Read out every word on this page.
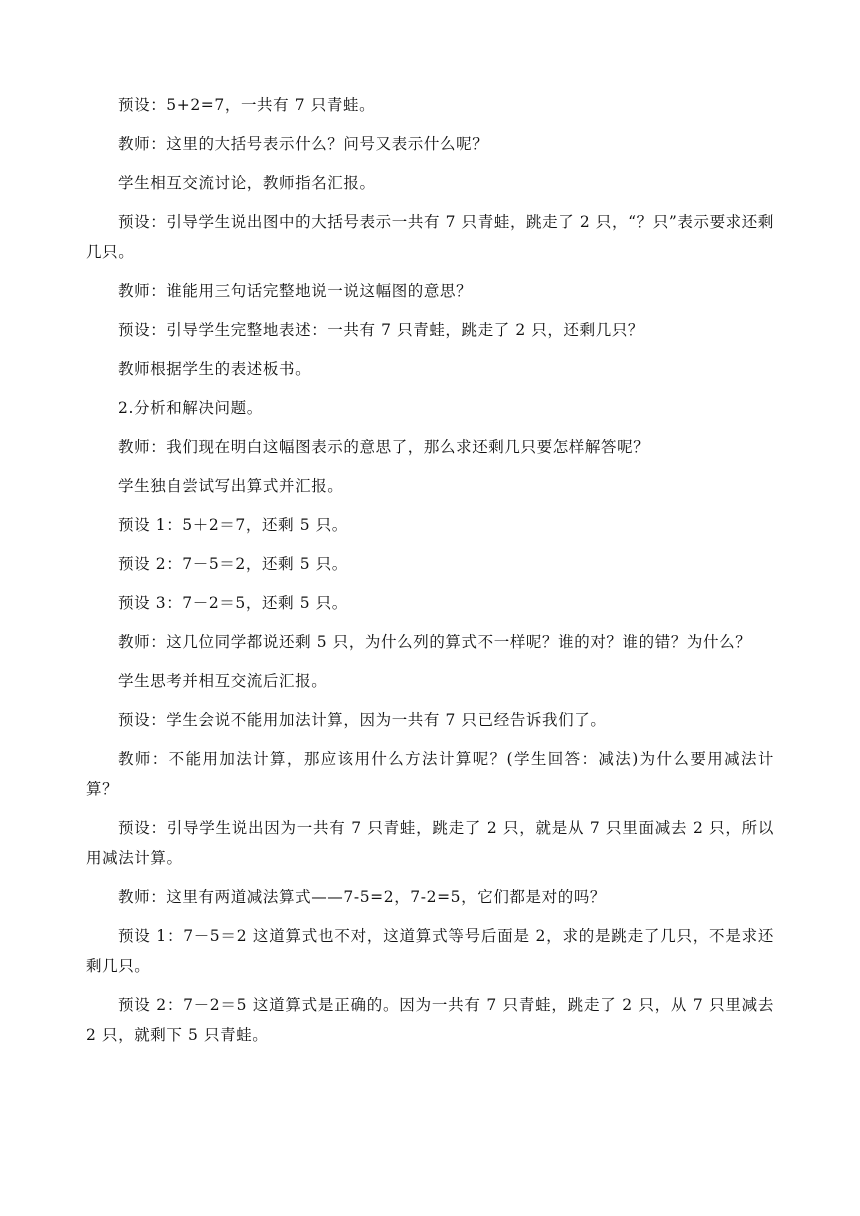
预设：5+2=7，一共有 7 只青蛙。

教师：这里的大括号表示什么？问号又表示什么呢？

学生相互交流讨论，教师指名汇报。

预设：引导学生说出图中的大括号表示一共有 7 只青蛙，跳走了 2 只，“？只”表示要求还剩几只。

教师：谁能用三句话完整地说一说这幅图的意思？

预设：引导学生完整地表述：一共有 7 只青蛙，跳走了 2 只，还剩几只？

教师根据学生的表述板书。

2.分析和解决问题。

教师：我们现在明白这幅图表示的意思了，那么求还剩几只要怎样解答呢？

学生独自尝试写出算式并汇报。

预设 1：5＋2＝7，还剩 5 只。

预设 2：7－5＝2，还剩 5 只。

预设 3：7－2＝5，还剩 5 只。

教师：这几位同学都说还剩 5 只，为什么列的算式不一样呢？谁的对？谁的错？为什么？

学生思考并相互交流后汇报。

预设：学生会说不能用加法计算，因为一共有 7 只已经告诉我们了。

教师：不能用加法计算，那应该用什么方法计算呢？(学生回答：减法)为什么要用减法计算？

预设：引导学生说出因为一共有 7 只青蛙，跳走了 2 只，就是从 7 只里面减去 2 只，所以用减法计算。

教师：这里有两道减法算式——7-5=2，7-2=5，它们都是对的吗？

预设 1：7－5＝2 这道算式也不对，这道算式等号后面是 2，求的是跳走了几只，不是求还剩几只。

预设 2：7－2＝5 这道算式是正确的。因为一共有 7 只青蛙，跳走了 2 只，从 7 只里减去 2 只，就剩下 5 只青蛙。
